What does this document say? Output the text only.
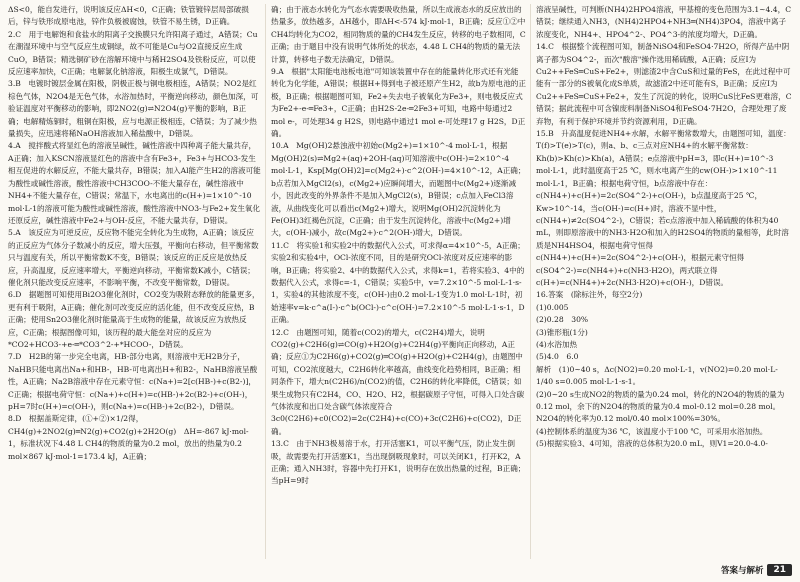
ΔS<0，能自发进行，说明该反应ΔH<0，C正确；铁管镀锌层局部破损后，锌与铁形成原电池，锌作负极被腐蚀，铁管不易生锈，D正确。

2.C　用于电解饱和食盐水的阳离子交换膜只允许阳离子通过，A错误；Cu在潮湿环境中与空气反应生成铜绿，故不可能是Cu与O2直接反应生成CuO，B错误；精选铜矿砂在溶解环境中与稀H2SO4及铁粉反应，可以使反应速率加快，C正确；电解氯化钠溶液，阳极生成氯气，D错误。

3.B　电镀时镀层金属在阳极，阴极正极与铜电极相连，A错误；NO2是红棕色气体，N2O4是无色气体，水浴加热时，平衡逆向移动，颜色加深，可验证温度对平衡移动的影响，即2NO2(g)⇌N2O4(g)平衡的影响，B正确；电解精炼铜时，粗铜在阳极，应与电源正极相连，C错误；为了减少热量损失，应迅速将稀NaOH溶液加入稀盐酸中，D错误。

4.A　搅拌酸式将显红色的溶液呈碱性，碱性溶液中四种离子能大量共存，A正确；加入KSCN溶液显红色的溶液中含有Fe3+，Fe3+与HCO3-发生相互促进的水解反应，不能大量共存，B错误；加入Al能产生H2的溶液可能为酸性或碱性溶液，酸性溶液中CH3COO-不能大量存在，碱性溶液中NH4+不能大量存在，C错误；常温下，水电离出的c(H+)=1×10^-10 mol·L-1的溶液可能为酸性或碱性溶液，酸性溶液中NO3-与Fe2+发生氧化还原反应，碱性溶液中Fe2+与OH-反应，不能大量共存，D错误。

5.A　该反应为可逆反应，反应物不能完全转化为生成物，A正确；该反应的正反应为气体分子数减小的反应，增大压强，平衡向右移动，但平衡常数只与温度有关，所以平衡常数K不变，B错误；该反应的正反应是放热反应，升高温度，反应速率增大，平衡逆向移动，平衡常数K减小，C错误；催化剂只能改变反应速率，不影响平衡，不改变平衡常数，D错误。

6.D　据题图可知使用Bi2O3催化剂时，CO2变为吸附态释放的能量更多，更有利于吸附，A正确；催化剂可改变反应的活化能，但不改变反应热，B正确；使用Sn2O3催化剂时能量高于生成物的能量，故该反应为放热反应，C正确；根据图像可知，该历程的最大能垒对应的反应为*CO2+HCO3-+e-═*CO3^2-+*HCOO-，D错误。

7.D　H2B的第一步完全电离，HB-部分电离，则溶液中无H2B分子，NaHB只能电离出Na+和HB-，HB-可电离出H+和B2-，NaHB溶液呈酸性，A正确；Na2B溶液中存在元素守恒：c(Na+)=2[c(HB-)+c(B2-)]，C正确；根据电荷守恒：c(Na+)+c(H+)=c(HB-)+2c(B2-)+c(OH-)，pH=7时c(H+)=c(OH-)，则c(Na+)=c(HB-)+2c(B2-)，D错误。

8.D　根据盖斯定律，(①+②)×1/2得，CH4(g)+2NO2(g)═N2(g)+CO2(g)+2H2O(g)　ΔH=-867 kJ·mol-1，标准状况下4.48 L CH4的物质的量为0.2 mol，放出的热量为0.2 mol×867 kJ·mol-1=173.4 kJ，A正确；

确；由于液态水转化为气态水需要吸收热量，所以生成液态水的反应放出的热量多，放热越多，ΔH越小，即ΔH<-574 kJ·mol-1，B正确；反应①②中CH4均转化为CO2，相同物质的量的CH4发生反应，转移的电子数相同，C正确；由于题目中没有说明气体所处的状态，4.48 L CH4的物质的量无法计算，转移电子数无法确定，D错误。

9.A　根据"太阳能电池板电池"可知该装置中存在的能量转化形式还有光能转化为化学能，A错误；根据H+得到电子被还原产生H2，故b为原电池的正极，B正确；根据题图可知，Fe2+失去电子被氧化为Fe3+，则电极反应式为Fe2+-e-═Fe3+，C正确；由H2S-2e-═2Fe3+可知，电路中每通过2 mol e-，可处理34 g H2S，则电路中通过1 mol e-可处理17 g H2S，D正确。

10.A　Mg(OH)2悬浊液中初始c(Mg2+)=1×10^-4 mol·L-1，根据Mg(OH)2(s)⇌Mg2+(aq)+2OH-(aq)可知溶液中c(OH-)=2×10^-4 mol·L-1，Ksp[Mg(OH)2]=c(Mg2+)·c^2(OH-)=4×10^-12，A正确；b点若加入MgCl2(s)，c(Mg2+)应瞬间增大，而题图中c(Mg2+)逐渐减小，因此改变的外界条件不是加入MgCl2(s)，B错误；c点加入FeCl3溶液，从曲线变化可以看出c(Mg2+)增大，说明Mg(OH)2沉淀转化为Fe(OH)3红褐色沉淀，C正确；由于发生沉淀转化，溶液中c(Mg2+)增大，c(OH-)减小，故c(Mg2+)·c^2(OH-)增大，D错误。

11.C　将实验1和实验2中的数据代入公式，可求得α=4×10^-5，A正确；实验2和实验4中，OCl-浓度不同，目的是研究OCl-浓度对反应速率的影响，B正确；将实验2、4中的数据代入公式，求得k=1，若将实验3、4中的数据代入公式，求得c=-1，C错误；实验5中，v=7.2×10^-5 mol·L-1·s-1，实验4的其他浓度不变，c(OH-)由0.2 mol·L-1变为1.0 mol·L-1时，初始速率v=k·c^a(I-)·c^b(OCl-)·c^c(OH-)=7.2×10^-5 mol·L-1·s-1，D正确。

12.C　由题图可知，随着c(CO2)的增大，c(C2H4)增大，说明CO2(g)+C2H6(g)⇌CO(g)+H2O(g)+C2H4(g)平衡向正向移动，A正确；反应①为C2H6(g)+CO2(g)═CO(g)+H2O(g)+C2H4(g)，由题图中可知，CO2浓度越大，C2H6转化率越高，曲线变化趋势相同，B正确；相同条件下，增大n(C2H6)/n(CO2)的值，C2H6的转化率降低，C错误；如果生成物只有C2H4，CO、H2O、H2，根据碳原子守恒，可得入口处含碳气体浓度和出口处含碳气体浓度符合3c0(C2H6)+c0(CO2)=2c(C2H4)+c(CO)+3c(C2H6)+c(CO2)，D正确。

13.C　由于NH3极易溶于水，打开活塞K1，可以平衡气压，防止发生倒吸，故需要先打开活塞K1，当出现倒吸现象时，可以关闭K1，打开K2，A正确；通入NH3时，容器中先打开K1，说明存在放出热量的过程，B正确；当pH=9时

溶液呈碱性，可判断(NH4)2HPO4溶液，甲基橙的变色范围为3.1~4.4，C错误；继续通入NH3，(NH4)2HPO4+NH3═(NH4)3PO4，溶液中离子浓度变化，NH4+、HPO4^2-、PO4^3-的浓度均增大，D正确。

14.C　根据整个流程图可知，制备NiSO4和FeSO4·7H2O，所得产品中阴离子都为SO4^2-，而次"酸溶"操作选用稀硫酸，A正确；反应Ⅰ为Cu2++FeS═CuS+Fe2+，则滤渣2中含CuS和过量的FeS，在此过程中可能有一部分的S被氧化成S单质，故滤渣2中还可能有S，B正确；反应Ⅰ为Cu2++FeS═CuS+Fe2+，发生了沉淀的转化，说明CuS比FeS更难溶，C错误；据此流程中可含镍废料制备NiSO4和FeSO4·7H2O，合理处理了废弃物，有利于保护环境并节约资源利用，D正确。

15.B　升高温度促进NH4+水解，水解平衡常数增大，由题图可知，温度：T(f)>T(e)>T(c)，则a、b、c三点对应NH4+的水解平衡常数：Kh(b)>Kh(c)>Kh(a)，A错误；e点溶液中pH=3，即c(H+)=10^-3 mol·L-1，此时温度高于25 ℃，则水电离产生的cw(OH-)>1×10^-11 mol·L-1，B正确；根据电荷守恒，b点溶液中存在：c(NH4+)+c(H+)=2c(SO4^2-)+c(OH-)，b点温度高于25 ℃，Kw>10^-14，当c(OH-)=c(H+)时，溶液不显中性，c(NH4+)≠2c(SO4^2-)，C错误；若c点溶液中加入稀硫酸的体积为40 mL，则即原溶液中的NH3·H2O和加入的H2SO4的物质的量相等，此时溶质是NH4HSO4，根据电荷守恒得c(NH4+)+c(H+)=2c(SO4^2-)+c(OH-)，根据元素守恒得c(SO4^2-)=c(NH4+)+c(NH3·H2O)，两式联立得c(H+)=c(NH4+)+2c(NH3·H2O)+c(OH-)，D错误。

16.答案　(除标注外，每空2分)

(1)0.005

(2)0.28　30%

(3)锥形瓶(1分)

(4)水浴加热

(5)4.0　6.0

解析　(1)0~40 s，Δc(NO2)=0.20 mol·L-1，v(NO2)=0.20 mol·L-1/40 s=0.005 mol·L-1·s-1。

(2)0~20 s生成NO2的物质的量为0.24 mol，转化的N2O4的物质的量为0.12 mol，余下的N2O4的物质的量为0.4 mol-0.12 mol=0.28 mol。N2O4的转化率为0.12 mol/0.40 mol×100%=30%。

(4)控制体系的温度为36 ℃，该温度小于100 ℃，可采用水浴加热。

(5)根据实验3、4可知，溶液的总体积为20.0 mL，则V1=20.0-4.0-

答案与解析	21
